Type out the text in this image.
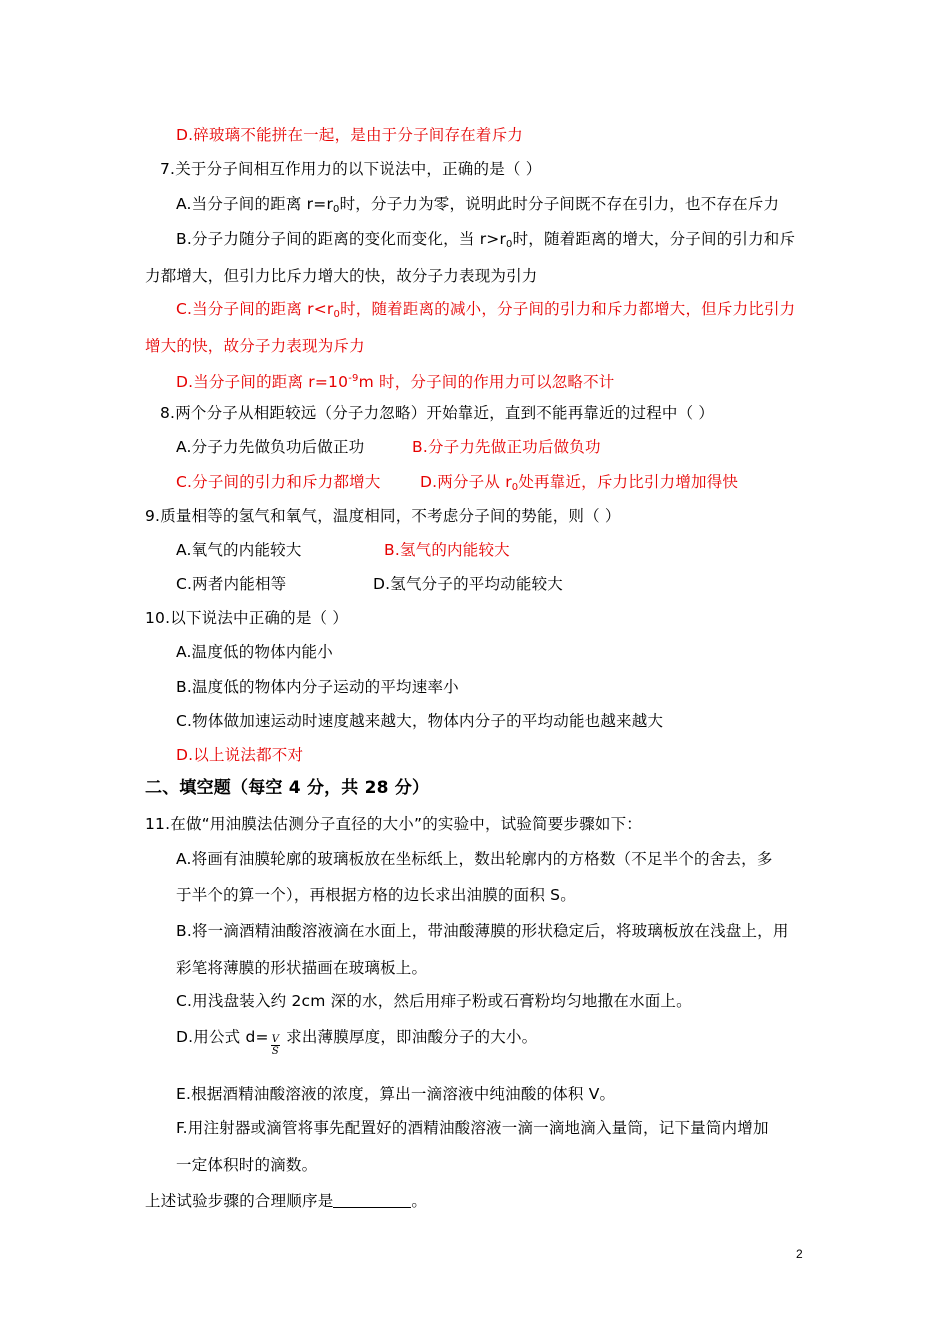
D.碎玻璃不能拼在一起，是由于分子间存在着斥力
7.关于分子间相互作用力的以下说法中，正确的是（ ）
A.当分子间的距离 $r=r_0$时，分子力为零，说明此时分子间既不存在引力，也不存在斥力
B.分子力随分子间的距离的变化而变化，当 $r>r_0$时，随着距离的增大，分子间的引力和斥
力都增大，但引力比斥力增大的快，故分子力表现为引力
C.当分子间的距离 $r<r_0$时，随着距离的减小，分子间的引力和斥力都增大，但斥力比引力
增大的快，故分子力表现为斥力
D.当分子间的距离 $r=10^{-9}m$ 时，分子间的作用力可以忽略不计
8.两个分子从相距较远（分子力忽略）开始靠近，直到不能再靠近的过程中（ ）
A.分子力先做负功后做正功	B.分子力先做正功后做负功
C.分子间的引力和斥力都增大	D.两分子从 $r_0$处再靠近，斥力比引力增加得快
9.质量相等的氢气和氧气，温度相同，不考虑分子间的势能，则（ ）
A.氧气的内能较大	B.氢气的内能较大
C.两者内能相等	D.氢气分子的平均动能较大
10.以下说法中正确的是（ ）
A.温度低的物体内能小
B.温度低的物体内分子运动的平均速率小
C.物体做加速运动时速度越来越大，物体内分子的平均动能也越来越大
D.以上说法都不对
二、填空题（每空 4 分，共 28 分）
11.在做“用油膜法估测分子直径的大小”的实验中，试验简要步骤如下：
A.将画有油膜轮廓的玻璃板放在坐标纸上，数出轮廓内的方格数（不足半个的舍去，多
于半个的算一个），再根据方格的边长求出油膜的面积 S。
B.将一滴酒精油酸溶液滴在水面上，带油酸薄膜的形状稳定后，将玻璃板放在浅盘上，用
彩笔将薄膜的形状描画在玻璃板上。
C.用浅盘装入约 2cm 深的水，然后用痱子粉或石膏粉均匀地撒在水面上。
D.用公式 $d= \frac{V}{S}$ 求出薄膜厚度，即油酸分子的大小。
E.根据酒精油酸溶液的浓度，算出一滴溶液中纯油酸的体积 V。
F.用注射器或滴管将事先配置好的酒精油酸溶液一滴一滴地滴入量筒，记下量筒内增加
一定体积时的滴数。
上述试验步骤的合理顺序是	。
2
